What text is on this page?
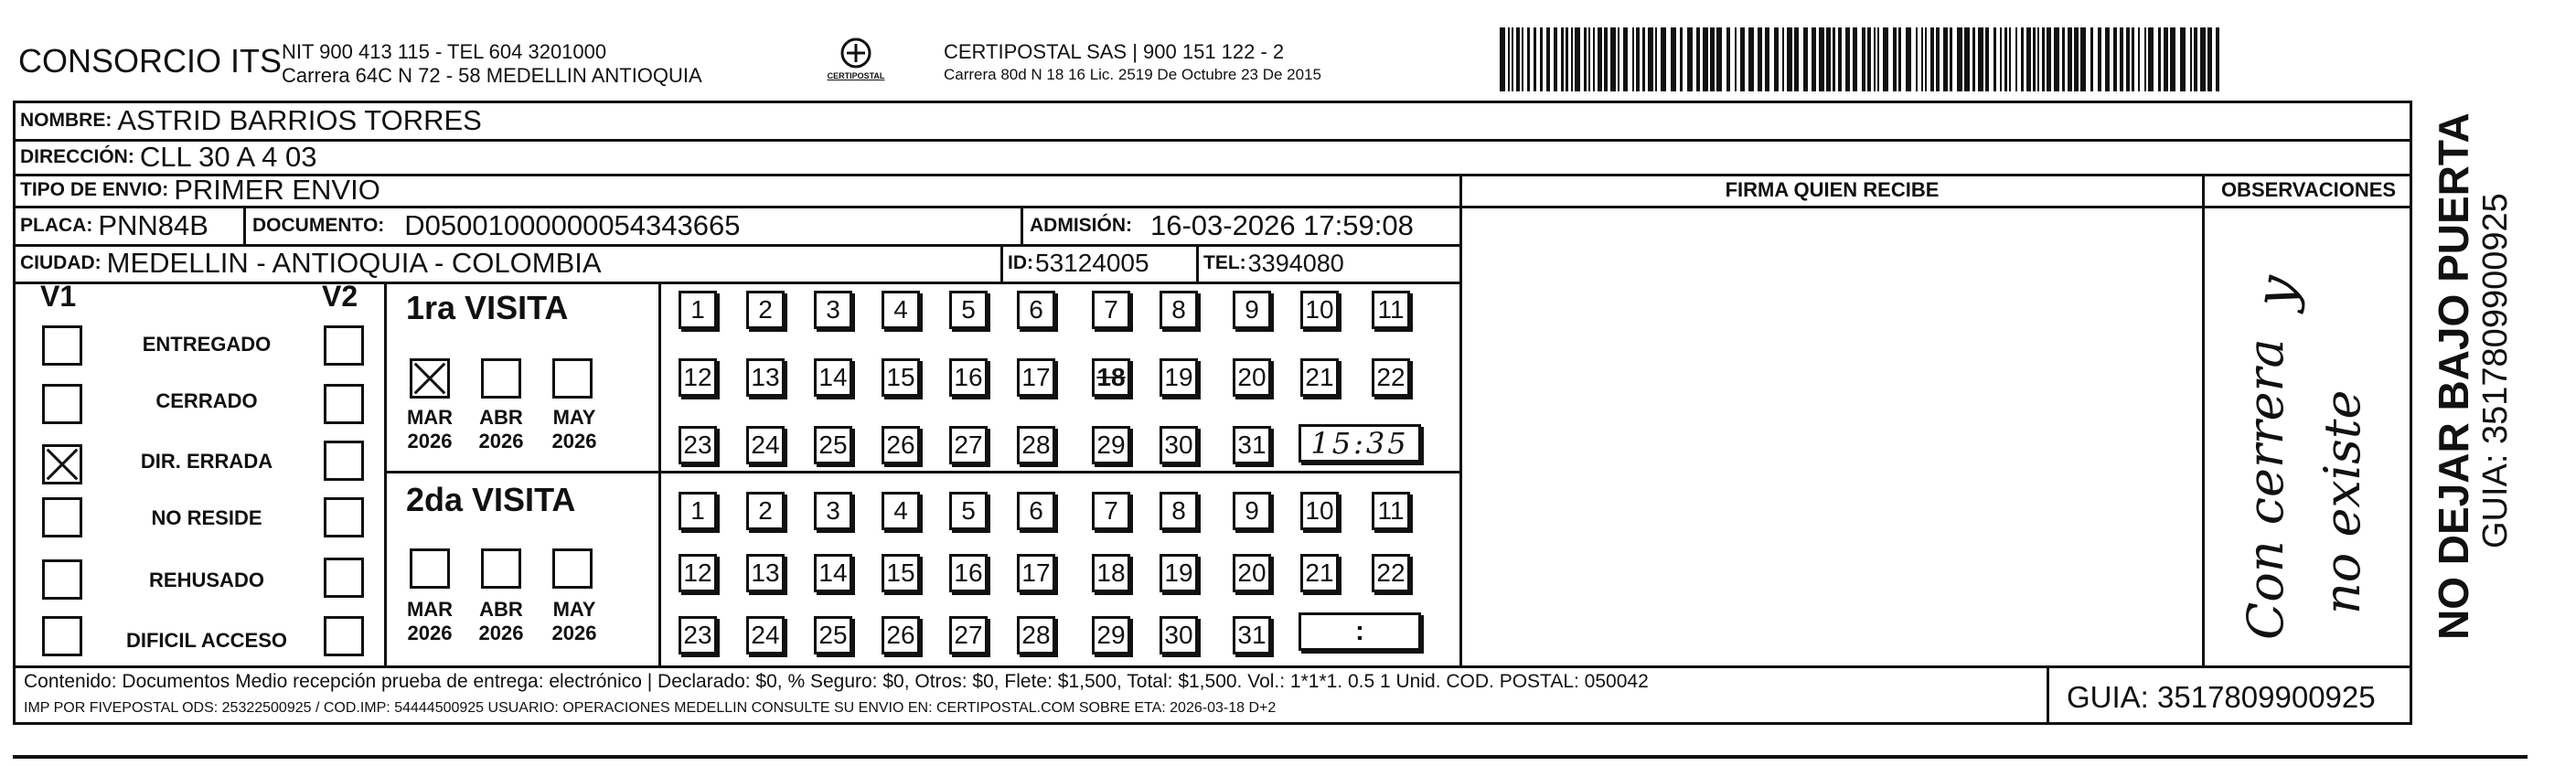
CONSORCIO ITS NIT 900 413 115 - TEL 604 3201000
Carrera 64C N 72 - 58 MEDELLIN ANTIOQUIA	CERTIPOSTAL
CERTIPOSTAL SAS | 900 151 122 - 2
Carrera 80d N 18 16 Lic. 2519 De Octubre 23 De 2015
NOMBRE: ASTRID BARRIOS TORRES
DIRECCIÓN: CLL 30 A 4 03
TIPO DE ENVIO: PRIMER ENVIO
PLACA: PNN84B DOCUMENTO: D05001000000054343665	ADMISIÓN: 16-03-2026 17:59:08
CIUDAD: MEDELLIN - ANTIOQUIA - COLOMBIA	ID: 53124005	TEL: 3394080
FIRMA QUIEN RECIBE	OBSERVACIONES
V1	V2
ENTREGADO
CERRADO
DIR. ERRADA
NO RESIDE
REHUSADO
DIFICIL ACCESO
1ra VISITA
MAR
2026
ABR
2026
MAY
2026
1	2	3	4	5	6	7	8	9	10 11
12 13 14 15 16 17 18 19 20 21 22
23 24 25 26 27 28 29 30 31 15:35
2da VISITA
MAR
2026
ABR
2026
MAY
2026
1	2	3	4	5	6	7	8	9	10 11
12 13 14 15 16 17 18 19 20 21 22
23 24 25 26 27 28 29 30 31	:
y
Con cerrera no existe
Contenido: Documentos Medio recepción prueba de entrega: electrónico | Declarado: $0, % Seguro: $0, Otros: $0, Flete: $1,500, Total: $1,500. Vol.: 1*1*1. 0.5 1 Unid. COD. POSTAL: 050042
IMP POR FIVEPOSTAL ODS: 25322500925 / COD.IMP: 54444500925 USUARIO: OPERACIONES MEDELLIN CONSULTE SU ENVIO EN: CERTIPOSTAL.COM SOBRE ETA: 2026-03-18 D+2	GUIA: 3517809900925
NO DEJAR BAJO PUERTA GUIA: 3517809900925
